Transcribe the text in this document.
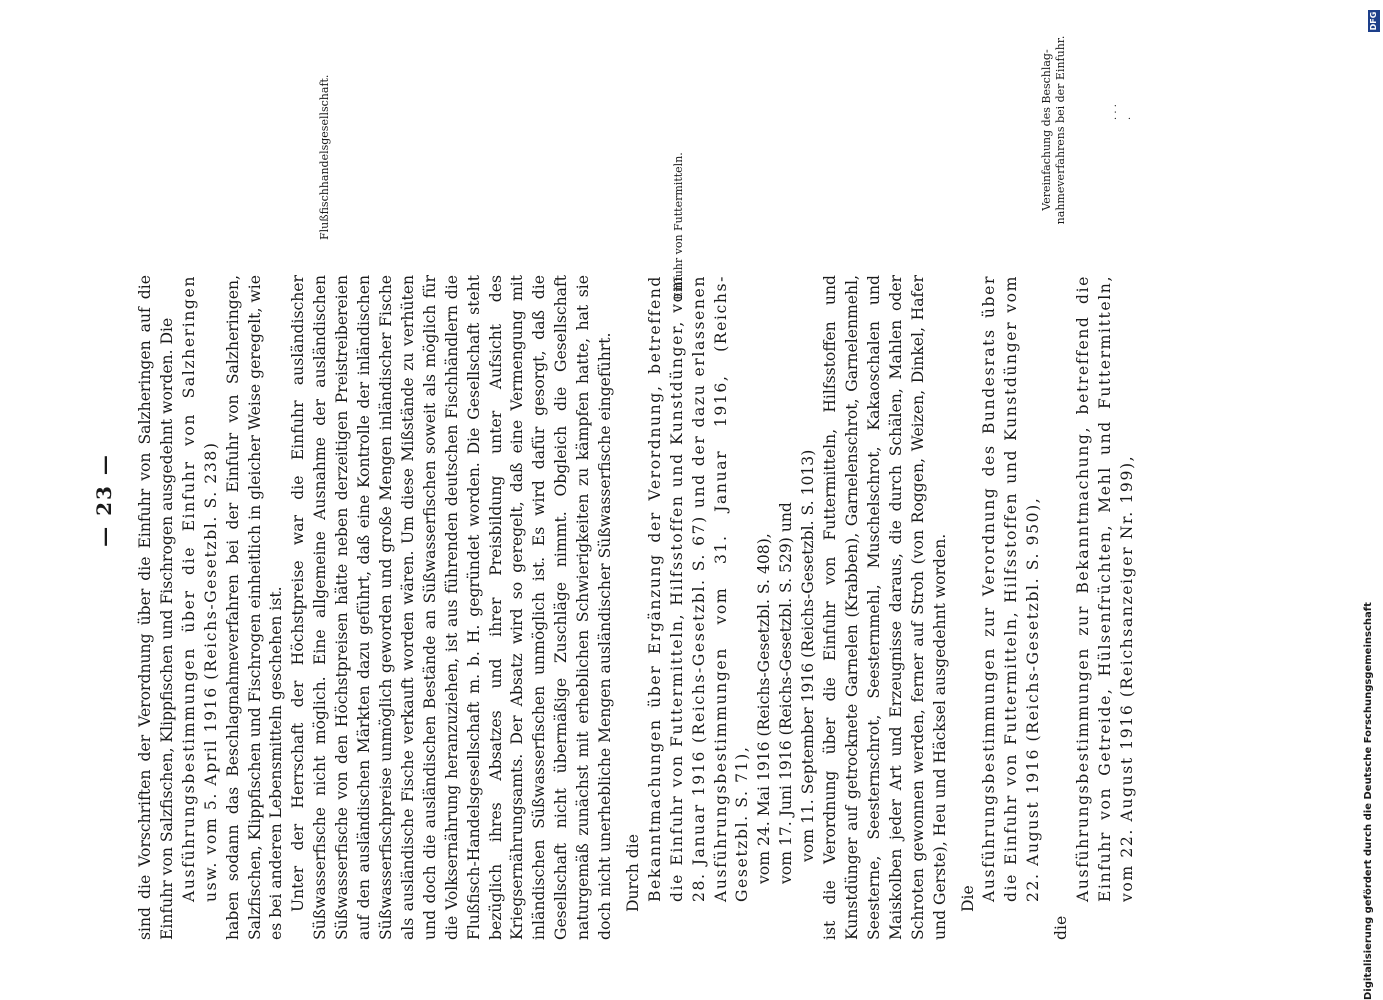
— 23 — sind die Vorschriften der Verordnung über die Einfuhr von Salzheringen auf die Einfuhr von Salzfischen, Klippfischen und Fischrogen ausgedehnt worden. Die Ausführungsbestimmungen über die Einfuhr von Salzheringen usw. vom 5. April 1916 (Reichs-Gesetzbl. S. 238) haben sodann das Beschlagnahmeverfahren bei der Einfuhr von Salzheringen, Salzfischen, Klippfischen und Fischrogen einheitlich in gleicher Weise geregelt, wie es bei anderen Lebensmitteln geschehen ist. Unter der Herrschaft der Höchstpreise war die Einfuhr ausländischer Süßwasserfische nicht möglich. Eine allgemeine Ausnahme der ausländischen Süßwasserfische von den Höchstpreisen hätte neben derzeitigen Preistreibereien auf den ausländischen Märkten dazu geführt, daß eine Kontrolle der inländischen Süßwasserfischpreise unmöglich geworden und große Mengen inländischer Fische als ausländische Fische verkauft worden wären. Um diese Mißstände zu verhüten und doch die ausländischen Bestände an Süßwasserfischen soweit als möglich für die Volksernährung heranzuziehen, ist aus führenden deutschen Fischhändlern die Flußfisch-Handelsgesellschaft m. b. H. gegründet worden. Die Gesellschaft steht bezüglich ihres Absatzes und ihrer Preisbildung unter Aufsicht des Kriegsernährungsamts. Der Absatz wird so geregelt, daß eine Vermengung mit inländischen Süßwasserfischen unmöglich ist. Es wird dafür gesorgt, daß die Gesellschaft nicht übermäßige Zuschläge nimmt. Obgleich die Gesellschaft naturgemäß zunächst mit erheblichen Schwierigkeiten zu kämpfen hatte, hat sie doch nicht unerhebliche Mengen ausländischer Süßwasserfische eingeführt. Durch die Bekanntmachungen über Ergänzung der Verordnung, betreffend die Einfuhr von Futtermitteln, Hilfsstoffen und Kunstdünger, vom 28. Januar 1916 (Reichs-Gesetzbl. S. 67) und der dazu erlassenen Ausführungsbestimmungen vom 31. Januar 1916, (Reichs-Gesetzbl. S. 71), vom 24. Mai 1916 (Reichs-Gesetzbl. S. 408), vom 17. Juni 1916 (Reichs-Gesetzbl. S. 529) und vom 11. September 1916 (Reichs-Gesetzbl. S. 1013) ist die Verordnung über die Einfuhr von Futtermitteln, Hilfsstoffen und Kunstdünger auf getrocknete Garnelen (Krabben), Garnelenschrot, Garnelenmehl, Seesterne, Seesternschrot, Seesternmehl, Muschelschrot, Kakaoschalen und Maiskolben jeder Art und Erzeugnisse daraus, die durch Schälen, Mahlen oder Schroten gewonnen werden, ferner auf Stroh (von Roggen, Weizen, Dinkel, Hafer und Gerste), Heu und Häcksel ausgedehnt worden. Die Ausführungsbestimmungen zur Verordnung des Bundesrats über die Einfuhr von Futtermitteln, Hilfsstoffen und Kunstdünger vom 22. August 1916 (Reichs-Gesetzbl. S. 950),

die

Ausführungsbestimmungen zur Bekanntmachung, betreffend die Einfuhr von Getreide, Hülsenfrüchten, Mehl und Futtermitteln, vom 22. August 1916 (Reichsanzeiger Nr. 199),

Flußfischhandelsgesellschaft.	Einfuhr von Futtermitteln.
Vereinfachung des Beschlag-nahmeverfahrens bei der Einfuhr.	· · · ·
Digitalisierung gefördert durch die Deutsche Forschungsgemeinschaft
DFG
